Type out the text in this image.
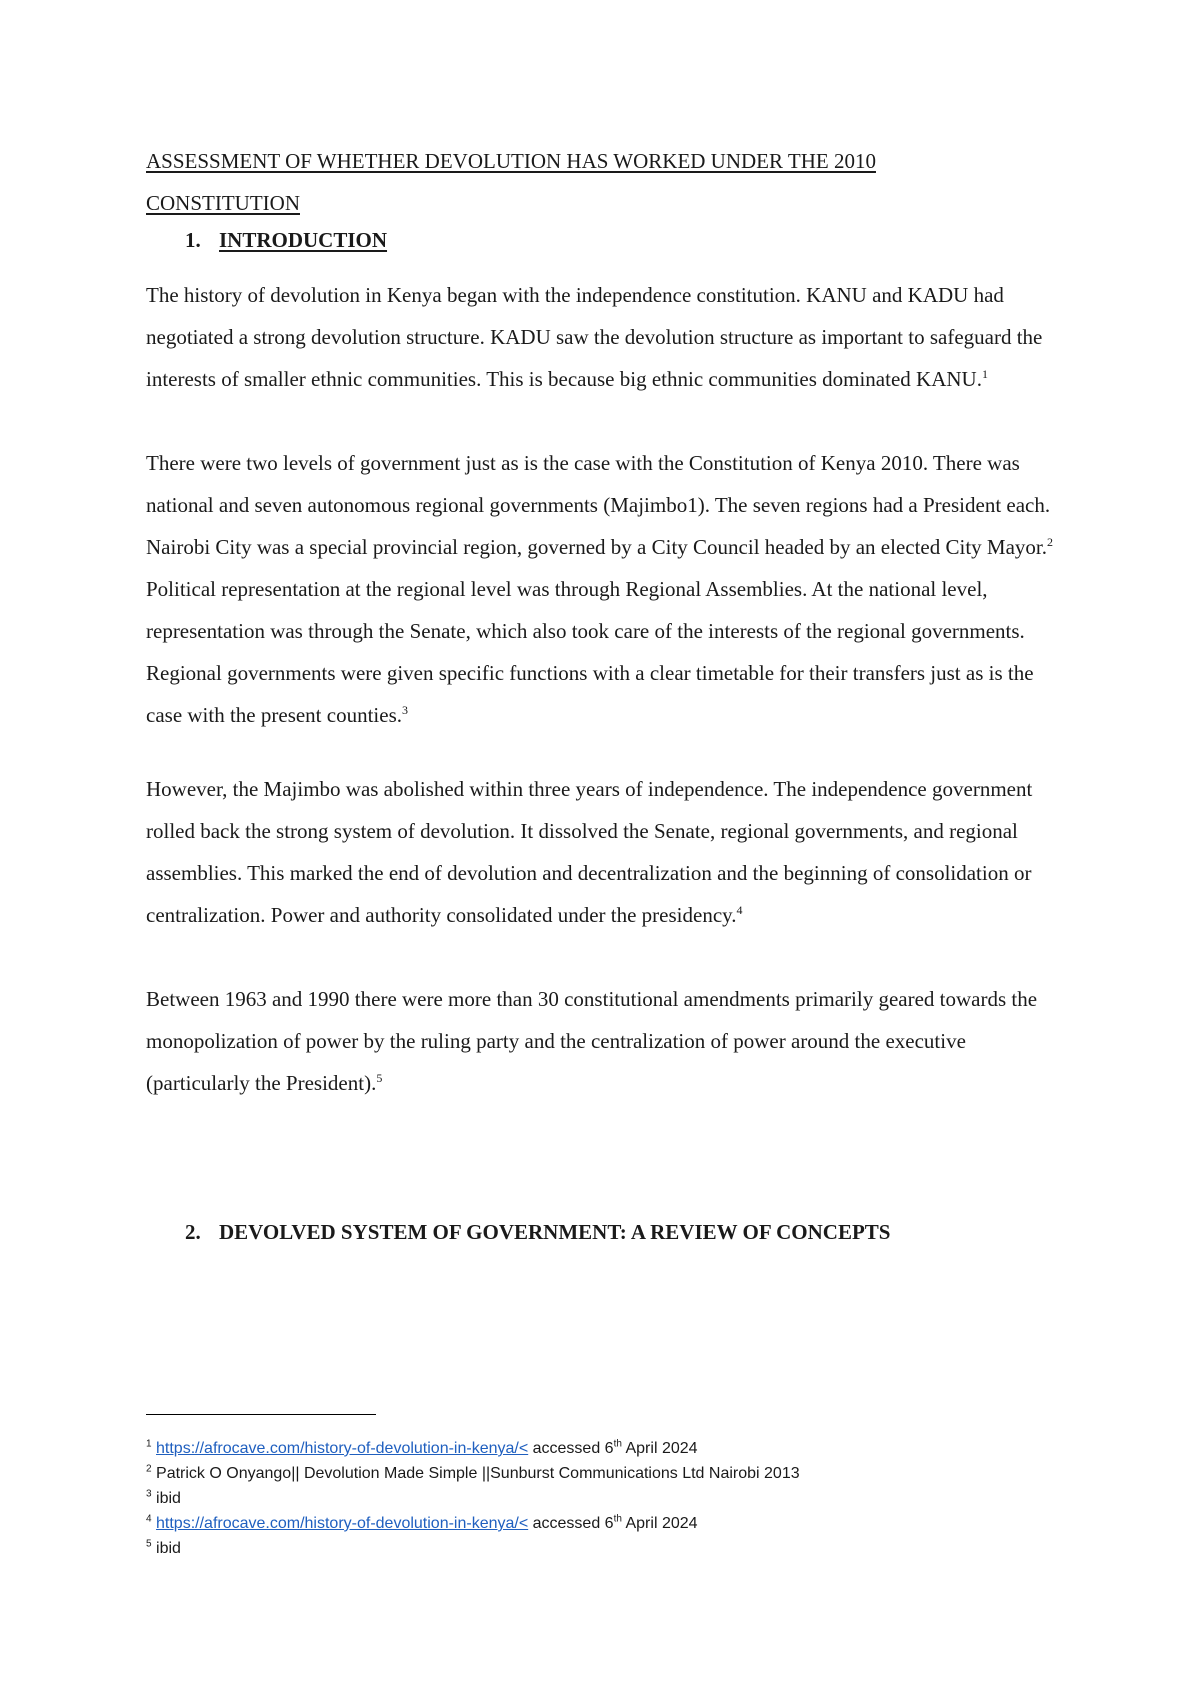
ASSESSMENT OF WHETHER DEVOLUTION HAS WORKED UNDER THE 2010
CONSTITUTION
1. INTRODUCTION

The history of devolution in Kenya began with the independence constitution. KANU and KADU had negotiated a strong devolution structure. KADU saw the devolution structure as important to safeguard the interests of smaller ethnic communities. This is because big ethnic communities dominated KANU.$^1$

There were two levels of government just as is the case with the Constitution of Kenya 2010. There was national and seven autonomous regional governments (Majimbo1). The seven regions had a President each. Nairobi City was a special provincial region, governed by a City Council headed by an elected City Mayor.$^2$ Political representation at the regional level was through Regional Assemblies. At the national level, representation was through the Senate, which also took care of the interests of the regional governments. Regional governments were given specific functions with a clear timetable for their transfers just as is the case with the present counties.$^3$

However, the Majimbo was abolished within three years of independence. The independence government rolled back the strong system of devolution. It dissolved the Senate, regional governments, and regional assemblies. This marked the end of devolution and decentralization and the beginning of consolidation or centralization. Power and authority consolidated under the presidency.$^4$

Between 1963 and 1990 there were more than 30 constitutional amendments primarily geared towards the monopolization of power by the ruling party and the centralization of power around the executive (particularly the President).$^5$

2. DEVOLVED SYSTEM OF GOVERNMENT: A REVIEW OF CONCEPTS
$^1$ https://afrocave.com/history-of-devolution-in-kenya/< accessed 6th April 2024
$^2$ Patrick O Onyango|| Devolution Made Simple ||Sunburst Communications Ltd Nairobi 2013
$^3$ ibid
$^4$ https://afrocave.com/history-of-devolution-in-kenya/< accessed 6th April 2024
$^5$ ibid
